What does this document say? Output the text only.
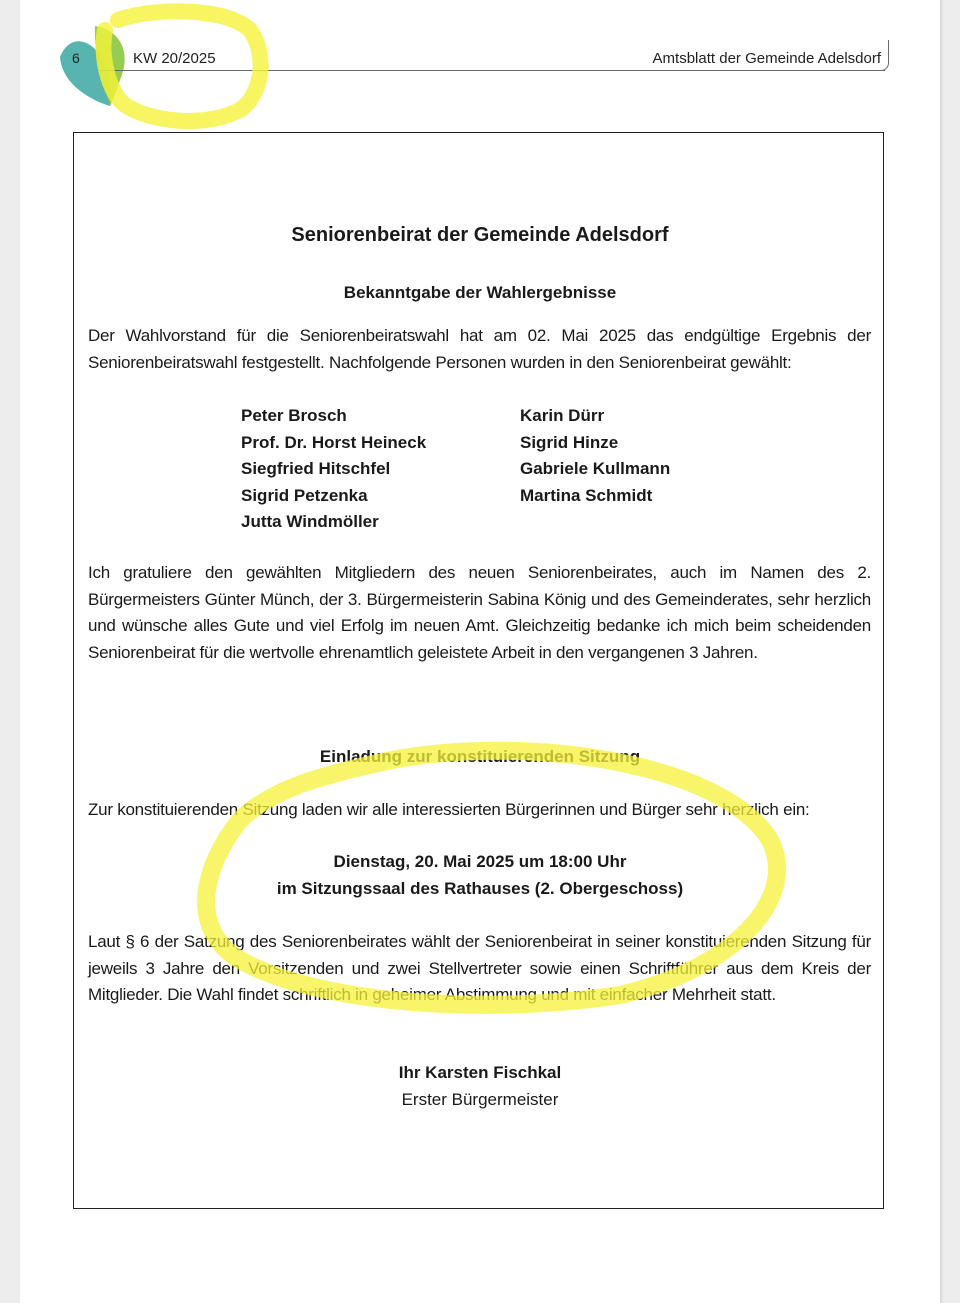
6	KW 20/2025	Amtsblatt der Gemeinde Adelsdorf
Seniorenbeirat der Gemeinde Adelsdorf
Bekanntgabe der Wahlergebnisse
Der Wahlvorstand für die Seniorenbeiratswahl hat am 02. Mai 2025 das endgültige Ergebnis der Seniorenbeiratswahl festgestellt. Nachfolgende Personen wurden in den Seniorenbeirat gewählt:
Peter Brosch
Prof. Dr. Horst Heineck
Siegfried Hitschfel
Sigrid Petzenka
Jutta Windmöller
Karin Dürr
Sigrid Hinze
Gabriele Kullmann
Martina Schmidt
Ich gratuliere den gewählten Mitgliedern des neuen Seniorenbeirates, auch im Namen des 2. Bürgermeisters Günter Münch, der 3. Bürgermeisterin Sabina König und des Gemeinderates, sehr herzlich und wünsche alles Gute und viel Erfolg im neuen Amt. Gleichzeitig bedanke ich mich beim scheidenden Seniorenbeirat für die wertvolle ehrenamtlich geleistete Arbeit in den vergangenen 3 Jahren.
Einladung zur konstituierenden Sitzung
Zur konstituierenden Sitzung laden wir alle interessierten Bürgerinnen und Bürger sehr herzlich ein:
Dienstag, 20. Mai 2025 um 18:00 Uhr
im Sitzungssaal des Rathauses (2. Obergeschoss)
Laut § 6 der Satzung des Seniorenbeirates wählt der Seniorenbeirat in seiner konstituierenden Sitzung für jeweils 3 Jahre den Vorsitzenden und zwei Stellvertreter sowie einen Schriftführer aus dem Kreis der Mitglieder. Die Wahl findet schriftlich in geheimer Abstimmung und mit einfacher Mehrheit statt.
Ihr Karsten Fischkal
Erster Bürgermeister
